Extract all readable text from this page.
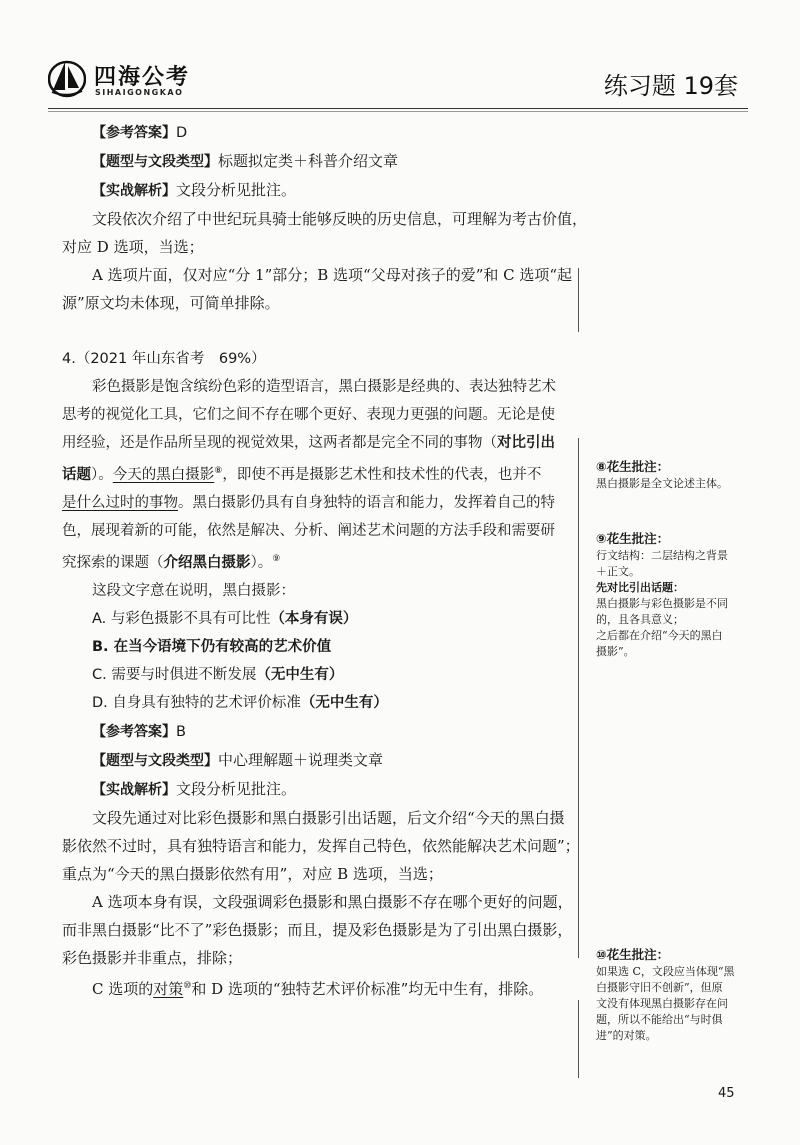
四海公考
SIHAIGONGKAO	练习题 19套
【参考答案】D
【题型与文段类型】标题拟定类＋科普介绍文章
【实战解析】文段分析见批注。
文段依次介绍了中世纪玩具骑士能够反映的历史信息，可理解为考古价值，
对应 D 选项，当选；
A 选项片面，仅对应“分 1”部分；B 选项“父母对孩子的爱”和 C 选项“起
源”原文均未体现，可简单排除。
4.（2021 年山东省考　69%）
彩色摄影是饱含缤纷色彩的造型语言，黑白摄影是经典的、表达独特艺术
思考的视觉化工具，它们之间不存在哪个更好、表现力更强的问题。无论是使
用经验，还是作品所呈现的视觉效果，这两者都是完全不同的事物（对比引出
话题）。今天的黑白摄影⑧，即使不再是摄影艺术性和技术性的代表，也并不
是什么过时的事物。黑白摄影仍具有自身独特的语言和能力，发挥着自己的特
色，展现着新的可能，依然是解决、分析、阐述艺术问题的方法手段和需要研
究探索的课题（介绍黑白摄影）。⑨
这段文字意在说明，黑白摄影：
A. 与彩色摄影不具有可比性（本身有误）
B. 在当今语境下仍有较高的艺术价值
C. 需要与时俱进不断发展（无中生有）
D. 自身具有独特的艺术评价标准（无中生有）
【参考答案】B
【题型与文段类型】中心理解题＋说理类文章
【实战解析】文段分析见批注。
文段先通过对比彩色摄影和黑白摄影引出话题，后文介绍“今天的黑白摄
影依然不过时，具有独特语言和能力，发挥自己特色，依然能解决艺术问题”；
重点为“今天的黑白摄影依然有用”，对应 B 选项，当选；
A 选项本身有误，文段强调彩色摄影和黑白摄影不存在哪个更好的问题，
而非黑白摄影“比不了”彩色摄影；而且，提及彩色摄影是为了引出黑白摄影，
彩色摄影并非重点，排除；
C 选项的对策⑩和 D 选项的“独特艺术评价标准”均无中生有，排除。
⑧花生批注：
黑白摄影是全文论述主体。
⑨花生批注：
行文结构：二层结构之背景
＋正文。
先对比引出话题：
黑白摄影与彩色摄影是不同
的，且各具意义；
之后都在介绍“今天的黑白
摄影”。
⑩花生批注：
如果选 C，文段应当体现“黑
白摄影守旧不创新”，但原
文没有体现黑白摄影存在问
题，所以不能给出“与时俱
进”的对策。
45
